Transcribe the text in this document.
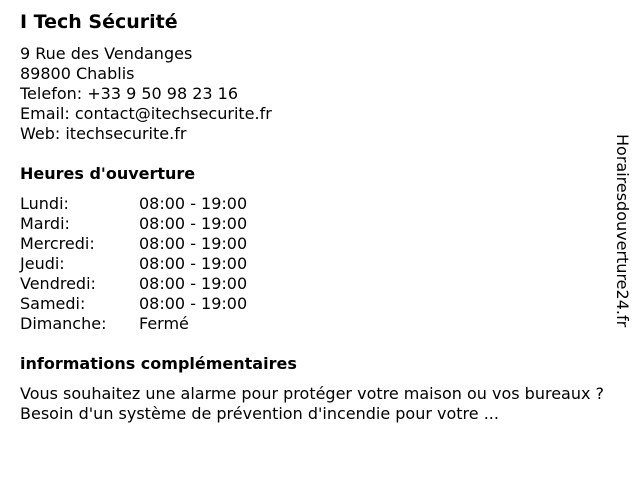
I Tech Sécurité
9 Rue des Vendanges
89800 Chablis
Telefon: +33 9 50 98 23 16
Email: contact@itechsecurite.fr
Web: itechsecurite.fr
Heures d'ouverture
Lundi:	08:00 - 19:00
Mardi:	08:00 - 19:00
Mercredi:	08:00 - 19:00
Jeudi:	08:00 - 19:00
Vendredi:	08:00 - 19:00
Samedi:	08:00 - 19:00
Dimanche: Fermé
informations complémentaires
Vous souhaitez une alarme pour protéger votre maison ou vos bureaux ? Besoin d'un système de prévention d'incendie pour votre ...
Horairesdouverture24.fr
